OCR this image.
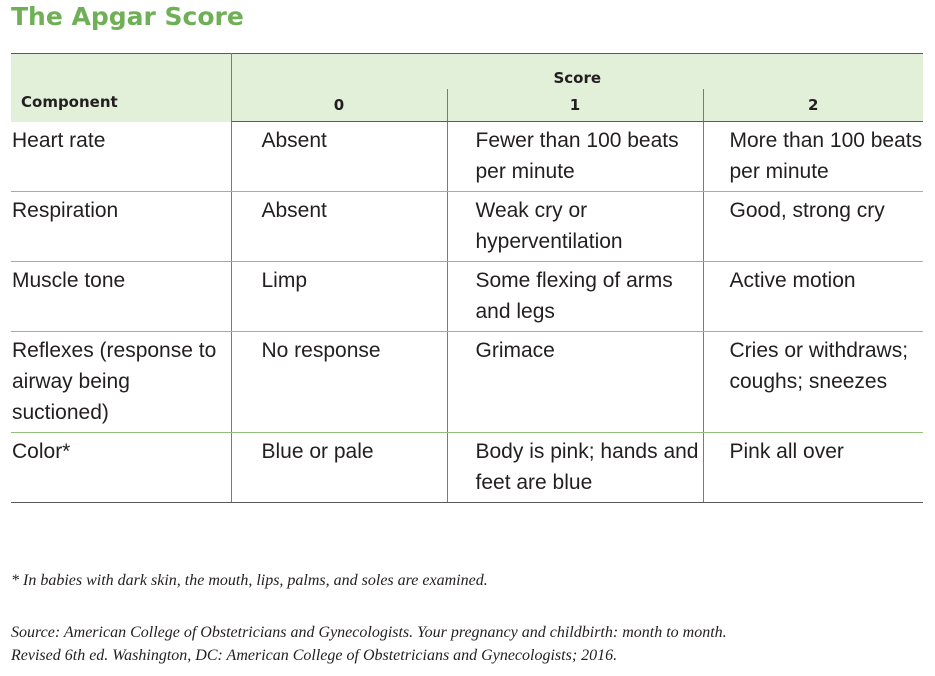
The Apgar Score
Component	Score		
	0	1	2
Heart rate	Absent	Fewer than 100 beats per minute	More than 100 beats per minute
Respiration	Absent	Weak cry or hyperventilation	Good, strong cry
Muscle tone	Limp	Some flexing of arms and legs	Active motion
Reflexes (response to airway being suctioned)	No response	Grimace	Cries or withdraws; coughs; sneezes
Color*	Blue or pale	Body is pink; hands and feet are blue	Pink all over
* In babies with dark skin, the mouth, lips, palms, and soles are examined.
Source: American College of Obstetricians and Gynecologists. Your pregnancy and childbirth: month to month.
Revised 6th ed. Washington, DC: American College of Obstetricians and Gynecologists; 2016.
